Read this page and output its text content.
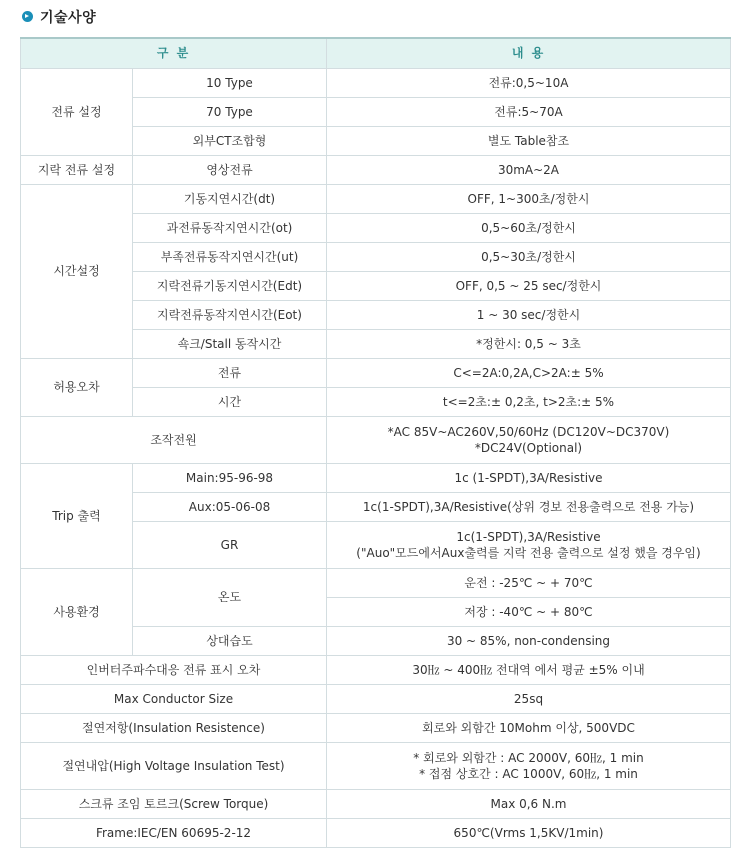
기술사양
구 분		내 용
전류 설정	10 Type	전류:0,5~10A
	70 Type	전류:5~70A
	외부CT조합형	별도 Table참조
지락 전류 설정	영상전류	30mA~2A
시간설정	기동지연시간(dt)	OFF, 1~300초/정한시
	과전류동작지연시간(ot)	0,5~60초/정한시
	부족전류동작지연시간(ut)	0,5~30초/정한시
	지락전류기동지연시간(Edt)	OFF, 0,5 ~ 25 sec/정한시
	지락전류동작지연시간(Eot)	1 ~ 30 sec/정한시
	쇽크/Stall 동작시간	*정한시: 0,5 ~ 3초
허용오차	전류	C<=2A:0,2A,C>2A:± 5%
	시간	t<=2초:± 0,2초, t>2초:± 5%
조작전원		*AC 85V~AC260V,50/60Hz (DC120V~DC370V)
*DC24V(Optional)

Trip 출력	Main:95-96-98	1c (1-SPDT),3A/Resistive
	Aux:05-06-08	1c(1-SPDT),3A/Resistive(상위 경보 전용출력으로 전용 가능)
	GR	1c(1-SPDT),3A/Resistive
("Auo"모드에서Aux출력를 지락 전용 출력으로 설정 했을 경우임)

사용환경	온도	운전 : -25℃ ~ + 70℃
		저장 : -40℃ ~ + 80℃
	상대습도	30 ~ 85%, non-condensing
인버터주파수대응 전류 표시 오차		30㎐ ~ 400㎐ 전대역 에서 평균 ±5% 이내
Max Conductor Size		25sq
절연저항(Insulation Resistence)		회로와 외함간 10Mohm 이상, 500VDC
절연내압(High Voltage Insulation Test)		* 회로와 외함간 : AC 2000V, 60㎐, 1 min
* 접점 상호간 : AC 1000V, 60㎐, 1 min

스크류 조임 토르크(Screw Torque)		Max 0,6 N.m
Frame:IEC/EN 60695-2-12		650℃(Vrms 1,5KV/1min)
